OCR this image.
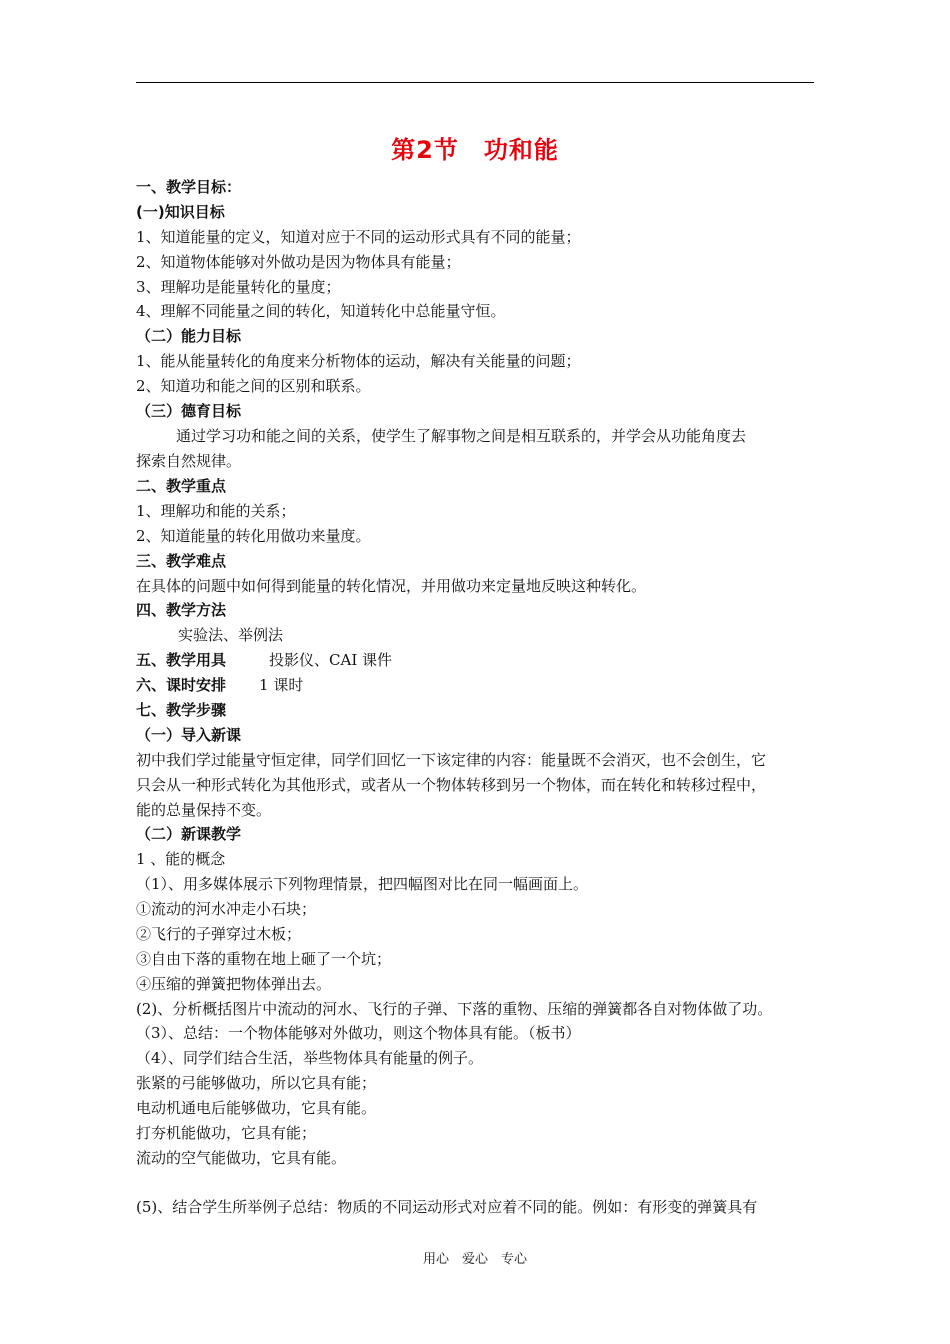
第2节　功和能
一、教学目标：
(一)知识目标
1、知道能量的定义，知道对应于不同的运动形式具有不同的能量；
2、知道物体能够对外做功是因为物体具有能量；
3、理解功是能量转化的量度；
4、理解不同能量之间的转化，知道转化中总能量守恒。
（二）能力目标
1、能从能量转化的角度来分析物体的运动，解决有关能量的问题；
2、知道功和能之间的区别和联系。
（三）德育目标
通过学习功和能之间的关系，使学生了解事物之间是相互联系的，并学会从功能角度去
探索自然规律。
二、教学重点
1、理解功和能的关系；
2、知道能量的转化用做功来量度。
三、教学难点
在具体的问题中如何得到能量的转化情况，并用做功来定量地反映这种转化。
四、教学方法
实验法、举例法
五、教学用具	投影仪、CAI 课件
六、课时安排 1 课时
七、教学步骤
（一）导入新课
初中我们学过能量守恒定律，同学们回忆一下该定律的内容：能量既不会消灭，也不会创生，它
只会从一种形式转化为其他形式，或者从一个物体转移到另一个物体，而在转化和转移过程中，
能的总量保持不变。
（二）新课教学
1 、能的概念
（1）、用多媒体展示下列物理情景，把四幅图对比在同一幅画面上。
①流动的河水冲走小石块；
②飞行的子弹穿过木板；
③自由下落的重物在地上砸了一个坑；
④压缩的弹簧把物体弹出去。
(2)、分析概括图片中流动的河水、飞行的子弹、下落的重物、压缩的弹簧都各自对物体做了功。
（3）、总结：一个物体能够对外做功，则这个物体具有能。（板书）
（4）、同学们结合生活，举些物体具有能量的例子。
张紧的弓能够做功，所以它具有能；
电动机通电后能够做功，它具有能。
打夯机能做功，它具有能；
流动的空气能做功，它具有能。
(5)、结合学生所举例子总结：物质的不同运动形式对应着不同的能。例如：有形变的弹簧具有
用心　爱心　专心
